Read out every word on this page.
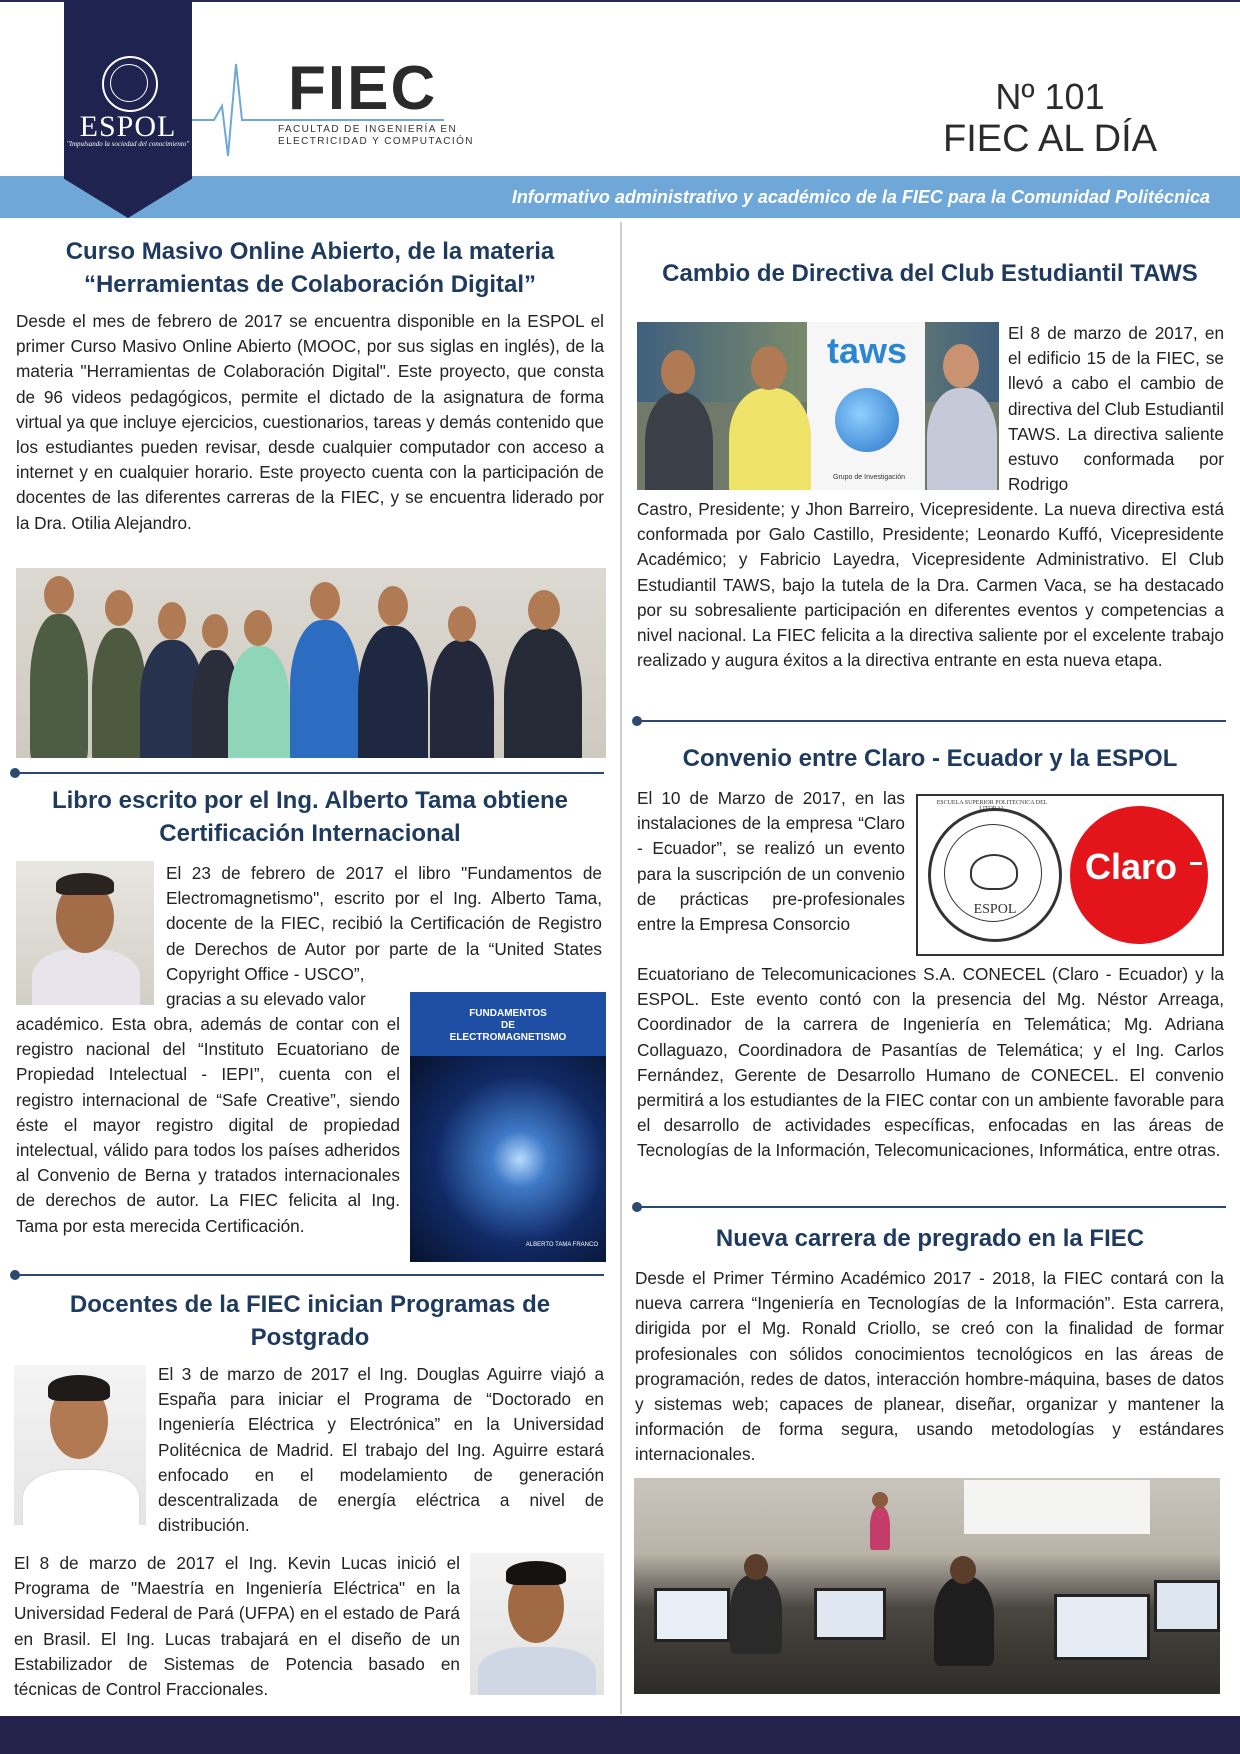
ESPOL
"Impulsando la sociedad del conocimiento"
FIEC
FACULTAD DE INGENIERÍA EN ELECTRICIDAD Y COMPUTACIÓN
Nº 101
FIEC AL DÍA
Informativo administrativo y académico de la FIEC para la Comunidad Politécnica
Curso Masivo Online Abierto, de la materia
“Herramientas de Colaboración Digital”
Desde el mes de febrero de 2017 se encuentra disponible en la ESPOL el primer Curso Masivo Online Abierto (MOOC, por sus siglas en inglés), de la materia "Herramientas de Colaboración Digital". Este proyecto, que consta de 96 videos pedagógicos, permite el dictado de la asignatura de forma virtual ya que incluye ejercicios, cuestionarios, tareas y demás contenido que los estudiantes pueden revisar, desde cualquier computador con acceso a internet y en cualquier horario. Este proyecto cuenta con la participación de docentes de las diferentes carreras de la FIEC, y se encuentra liderado por la Dra. Otilia Alejandro.
Libro escrito por el Ing. Alberto Tama obtiene
Certificación Internacional
El 23 de febrero de 2017 el libro "Fundamentos de Electromagnetismo", escrito por el Ing. Alberto Tama, docente de la FIEC, recibió la Certificación de Registro de Derechos de Autor por parte de la “United States Copyright Office - USCO”,
gracias a su elevado valor
académico. Esta obra, además de contar con el registro nacional del “Instituto Ecuatoriano de Propiedad Intelectual - IEPI”, cuenta con el registro internacional de “Safe Creative”, siendo éste el mayor registro digital de propiedad intelectual, válido para todos los países adheridos al Convenio de Berna y tratados internacionales de derechos de autor. La FIEC felicita al Ing. Tama por esta merecida Certificación.
FUNDAMENTOS
DE
ELECTROMAGNETISMO
ALBERTO TAMA FRANCO
Docentes de la FIEC inician Programas de
Postgrado
El 3 de marzo de 2017 el Ing. Douglas Aguirre viajó a España para iniciar el Programa de “Doctorado en Ingeniería Eléctrica y Electrónica” en la Universidad Politécnica de Madrid. El trabajo del Ing. Aguirre estará enfocado en el modelamiento de generación descentralizada de energía eléctrica a nivel de distribución.
El 8 de marzo de 2017 el Ing. Kevin Lucas inició el Programa de "Maestría en Ingeniería Eléctrica" en la Universidad Federal de Pará (UFPA) en el estado de Pará en Brasil. El Ing. Lucas trabajará en el diseño de un Estabilizador de Sistemas de Potencia basado en técnicas de Control Fraccionales.
Cambio de Directiva del Club Estudiantil TAWS
taws
Grupo de Investigación
El 8 de marzo de 2017, en el edificio 15 de la FIEC, se llevó a cabo el cambio de directiva del Club Estudiantil TAWS. La directiva saliente estuvo conformada por Rodrigo
Castro, Presidente; y Jhon Barreiro, Vicepresidente. La nueva directiva está conformada por Galo Castillo, Presidente; Leonardo Kuffó, Vicepresidente Académico; y Fabricio Layedra, Vicepresidente Administrativo. El Club Estudiantil TAWS, bajo la tutela de la Dra. Carmen Vaca, se ha destacado por su sobresaliente participación en diferentes eventos y competencias a nivel nacional. La FIEC felicita a la directiva saliente por el excelente trabajo realizado y augura éxitos a la directiva entrante en esta nueva etapa.
Convenio entre Claro - Ecuador y la ESPOL
El 10 de Marzo de 2017, en las instalaciones de la empresa “Claro - Ecuador”, se realizó un evento para la suscripción de un convenio de prácticas pre-profesionales entre la Empresa Consorcio
Ecuatoriano de Telecomunicaciones S.A. CONECEL (Claro - Ecuador) y la ESPOL. Este evento contó con la presencia del Mg. Néstor Arreaga, Coordinador de la carrera de Ingeniería en Telemática; Mg. Adriana Collaguazo, Coordinadora de Pasantías de Telemática; y el Ing. Carlos Fernández, Gerente de Desarrollo Humano de CONECEL. El convenio permitirá a los estudiantes de la FIEC contar con un ambiente favorable para el desarrollo de actividades específicas, enfocadas en las áreas de Tecnologías de la Información, Telecomunicaciones, Informática, entre otras.
ESCUELA SUPERIOR POLITECNICA DEL LITORAL
ESPOL
Claro
Nueva carrera de pregrado en la FIEC
Desde el Primer Término Académico 2017 - 2018, la FIEC contará con la nueva carrera “Ingeniería en Tecnologías de la Información”. Esta carrera, dirigida por el Mg. Ronald Criollo, se creó con la finalidad de formar profesionales con sólidos conocimientos tecnológicos en las áreas de programación, redes de datos, interacción hombre-máquina, bases de datos y sistemas web; capaces de planear, diseñar, organizar y mantener la información de forma segura, usando metodologías y estándares internacionales.
